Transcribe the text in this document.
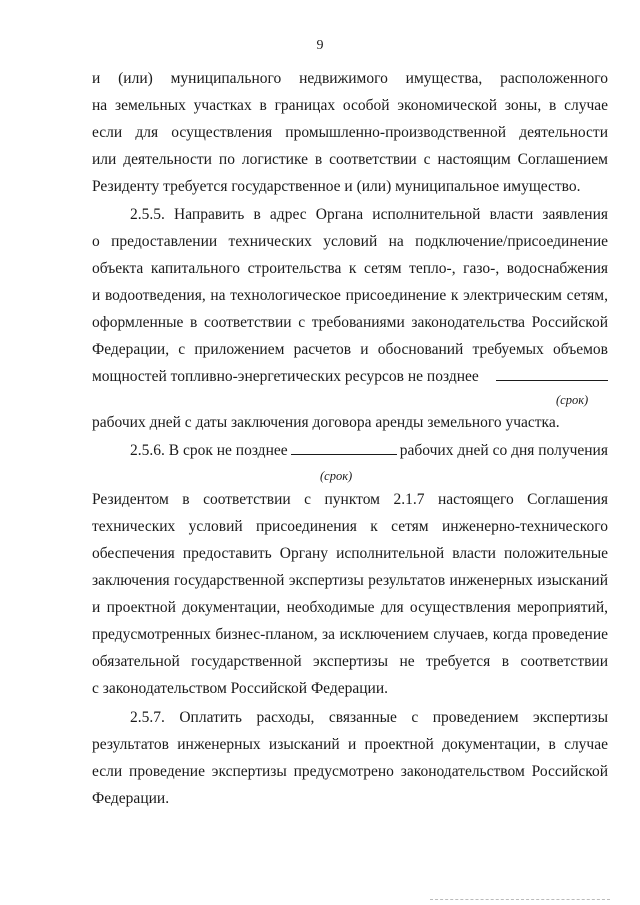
9
и (или) муниципального недвижимого имущества, расположенного
на земельных участках в границах особой экономической зоны, в случае
если для осуществления промышленно-производственной деятельности
или деятельности по логистике в соответствии с настоящим Соглашением
Резиденту требуется государственное и (или) муниципальное имущество.
2.5.5. Направить в адрес Органа исполнительной власти заявления
о предоставлении технических условий на подключение/присоединение
объекта капитального строительства к сетям тепло-, газо-, водоснабжения
и водоотведения, на технологическое присоединение к электрическим сетям,
оформленные в соответствии с требованиями законодательства Российской
Федерации, с приложением расчетов и обоснований требуемых объемов
мощностей топливно-энергетических ресурсов не позднее
(срок)
рабочих дней с даты заключения договора аренды земельного участка.
2.5.6. В срок не позднее	рабочих дней со дня получения
(срок)
Резидентом в соответствии с пунктом 2.1.7 настоящего Соглашения
технических условий присоединения к сетям инженерно-технического
обеспечения предоставить Органу исполнительной власти положительные
заключения государственной экспертизы результатов инженерных изысканий
и проектной документации, необходимые для осуществления мероприятий,
предусмотренных бизнес-планом, за исключением случаев, когда проведение
обязательной государственной экспертизы не требуется в соответствии
с законодательством Российской Федерации.
2.5.7. Оплатить расходы, связанные с проведением экспертизы
результатов инженерных изысканий и проектной документации, в случае
если проведение экспертизы предусмотрено законодательством Российской
Федерации.
